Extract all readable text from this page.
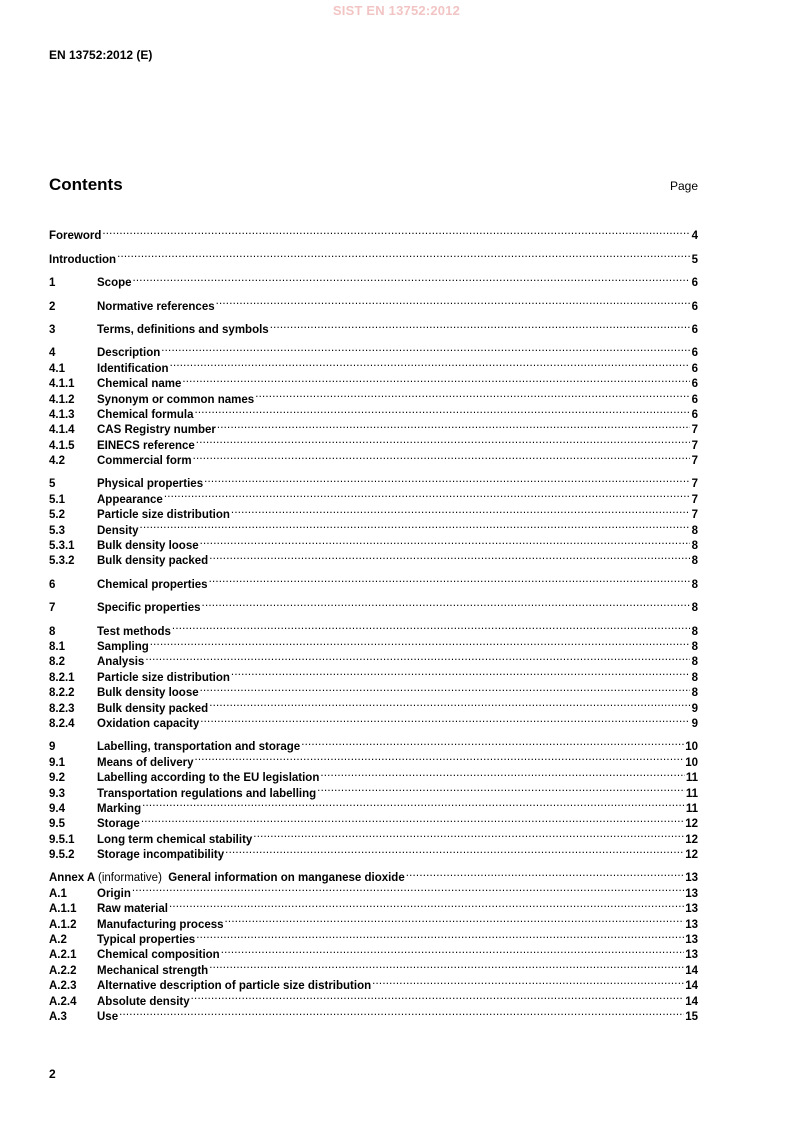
SIST EN 13752:2012
EN 13752:2012 (E)
Contents	Page
Foreword .....	4
Introduction .....	5
1	Scope .....	6
2	Normative references .....	6
3	Terms, definitions and symbols .....	6
4	Description .....	6
4.1	Identification .....	6
4.1.1	Chemical name .....	6
4.1.2	Synonym or common names .....	6
4.1.3	Chemical formula .....	6
4.1.4	CAS Registry number .....	7
4.1.5	EINECS reference .....	7
4.2	Commercial form .....	7
5	Physical properties .....	7
5.1	Appearance .....	7
5.2	Particle size distribution .....	7
5.3	Density .....	8
5.3.1	Bulk density loose .....	8
5.3.2	Bulk density packed .....	8
6	Chemical properties .....	8
7	Specific properties .....	8
8	Test methods .....	8
8.1	Sampling .....	8
8.2	Analysis .....	8
8.2.1	Particle size distribution .....	8
8.2.2	Bulk density loose .....	8
8.2.3	Bulk density packed .....	9
8.2.4	Oxidation capacity .....	9
9	Labelling, transportation and storage .....	10
9.1	Means of delivery .....	10
9.2	Labelling according to the EU legislation .....	11
9.3	Transportation regulations and labelling .....	11
9.4	Marking .....	11
9.5	Storage .....	12
9.5.1	Long term chemical stability .....	12
9.5.2	Storage incompatibility .....	12
Annex A (informative) General information on manganese dioxide .....	13
A.1	Origin .....	13
A.1.1	Raw material .....	13
A.1.2	Manufacturing process .....	13
A.2	Typical properties .....	13
A.2.1	Chemical composition .....	13
A.2.2	Mechanical strength .....	14
A.2.3	Alternative description of particle size distribution .....	14
A.2.4	Absolute density .....	14
A.3	Use .....	15
2
